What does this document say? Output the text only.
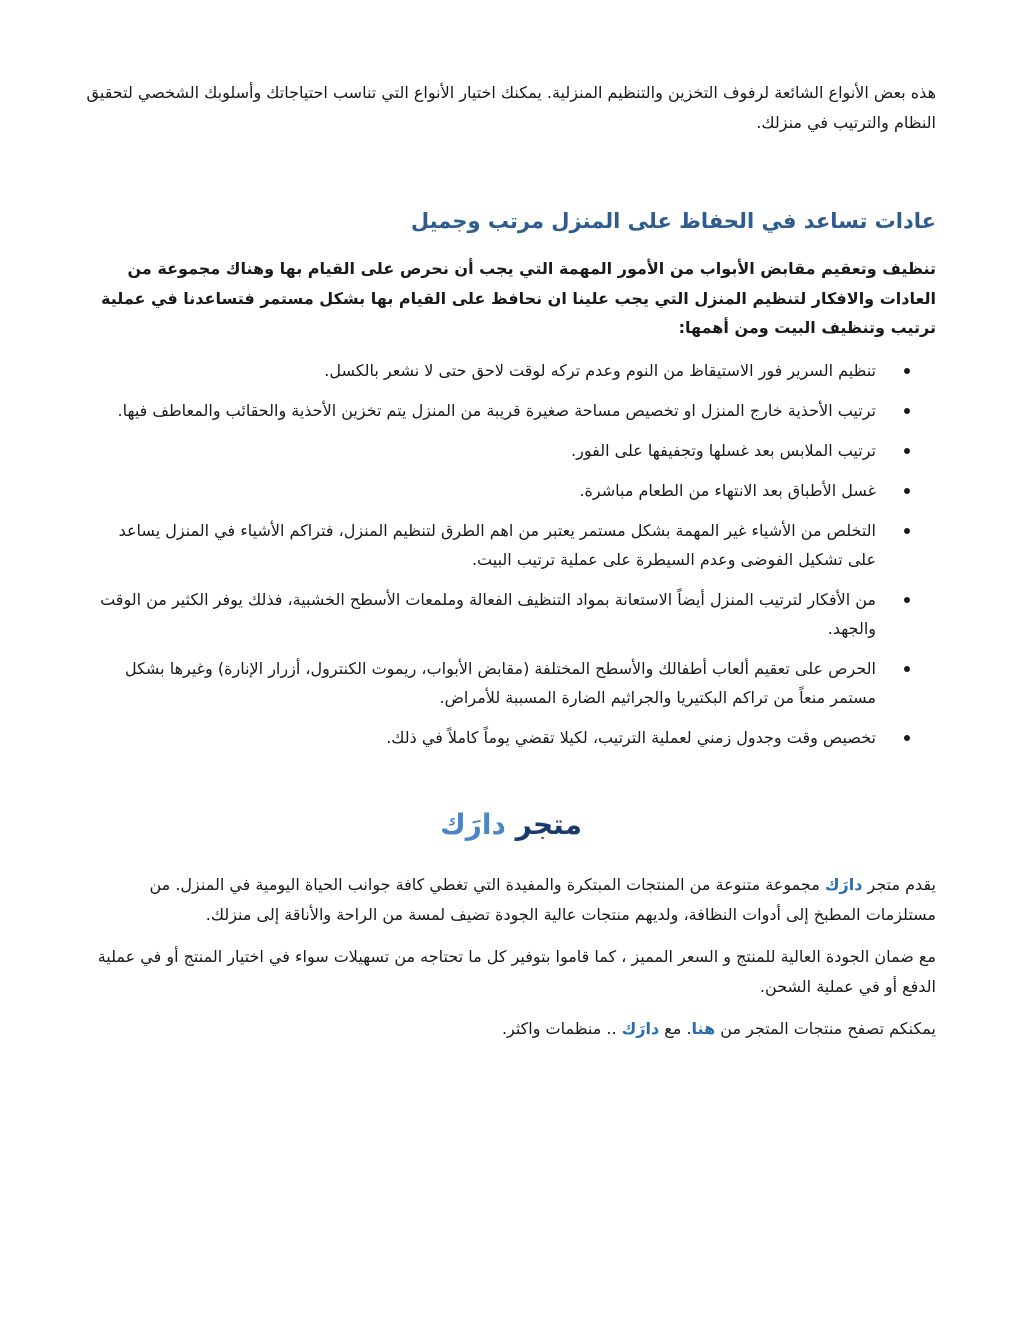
هذه بعض الأنواع الشائعة لرفوف التخزين والتنظيم المنزلية. يمكنك اختيار الأنواع التي تناسب احتياجاتك وأسلوبك الشخصي لتحقيق النظام والترتيب في منزلك.

عادات تساعد في الحفاظ على المنزل مرتب وجميل

تنظيف وتعقيم مقابض الأبواب من الأمور المهمة التي يجب أن نحرص على القيام بها وهناك مجموعة من العادات والافكار لتنظيم المنزل التي يجب علينا ان نحافظ على القيام بها بشكل مستمر فتساعدنا في عملية ترتيب وتنظيف البيت ومن أهمها:

تنظيم السرير فور الاستيقاظ من النوم وعدم تركه لوقت لاحق حتى لا نشعر بالكسل.
ترتيب الأحذية خارج المنزل او تخصيص مساحة صغيرة قريبة من المنزل يتم تخزين الأحذية والحقائب والمعاطف فيها.
ترتيب الملابس بعد غسلها وتجفيفها على الفور.
غسل الأطباق بعد الانتهاء من الطعام مباشرة.
التخلص من الأشياء غير المهمة بشكل مستمر يعتبر من اهم الطرق لتنظيم المنزل، فتراكم الأشياء في المنزل يساعد على تشكيل الفوضى وعدم السيطرة على عملية ترتيب البيت.
من الأفكار لترتيب المنزل أيضاً الاستعانة بمواد التنظيف الفعالة وملمعات الأسطح الخشبية، فذلك يوفر الكثير من الوقت والجهد.
الحرص على تعقيم ألعاب أطفالك والأسطح المختلفة (مقابض الأبواب، ريموت الكنترول، أزرار الإنارة) وغيرها بشكل مستمر منعاً من تراكم البكتيريا والجراثيم الضارة المسببة للأمراض.
تخصيص وقت وجدول زمني لعملية الترتيب، لكيلا تقضي يوماً كاملاً في ذلك.
متجر دارَك

يقدم متجر دارَك مجموعة متنوعة من المنتجات المبتكرة والمفيدة التي تغطي كافة جوانب الحياة اليومية في المنزل. من مستلزمات المطبخ إلى أدوات النظافة، ولديهم منتجات عالية الجودة تضيف لمسة من الراحة والأناقة إلى منزلك.

مع ضمان الجودة العالية للمنتج و السعر المميز ، كما قاموا بتوفير كل ما تحتاجه من تسهيلات سواء في اختيار المنتج أو في عملية الدفع أو في عملية الشحن.

يمكنكم تصفح منتجات المتجر من هنا. مع دارَك .. منظمات واكثر.
